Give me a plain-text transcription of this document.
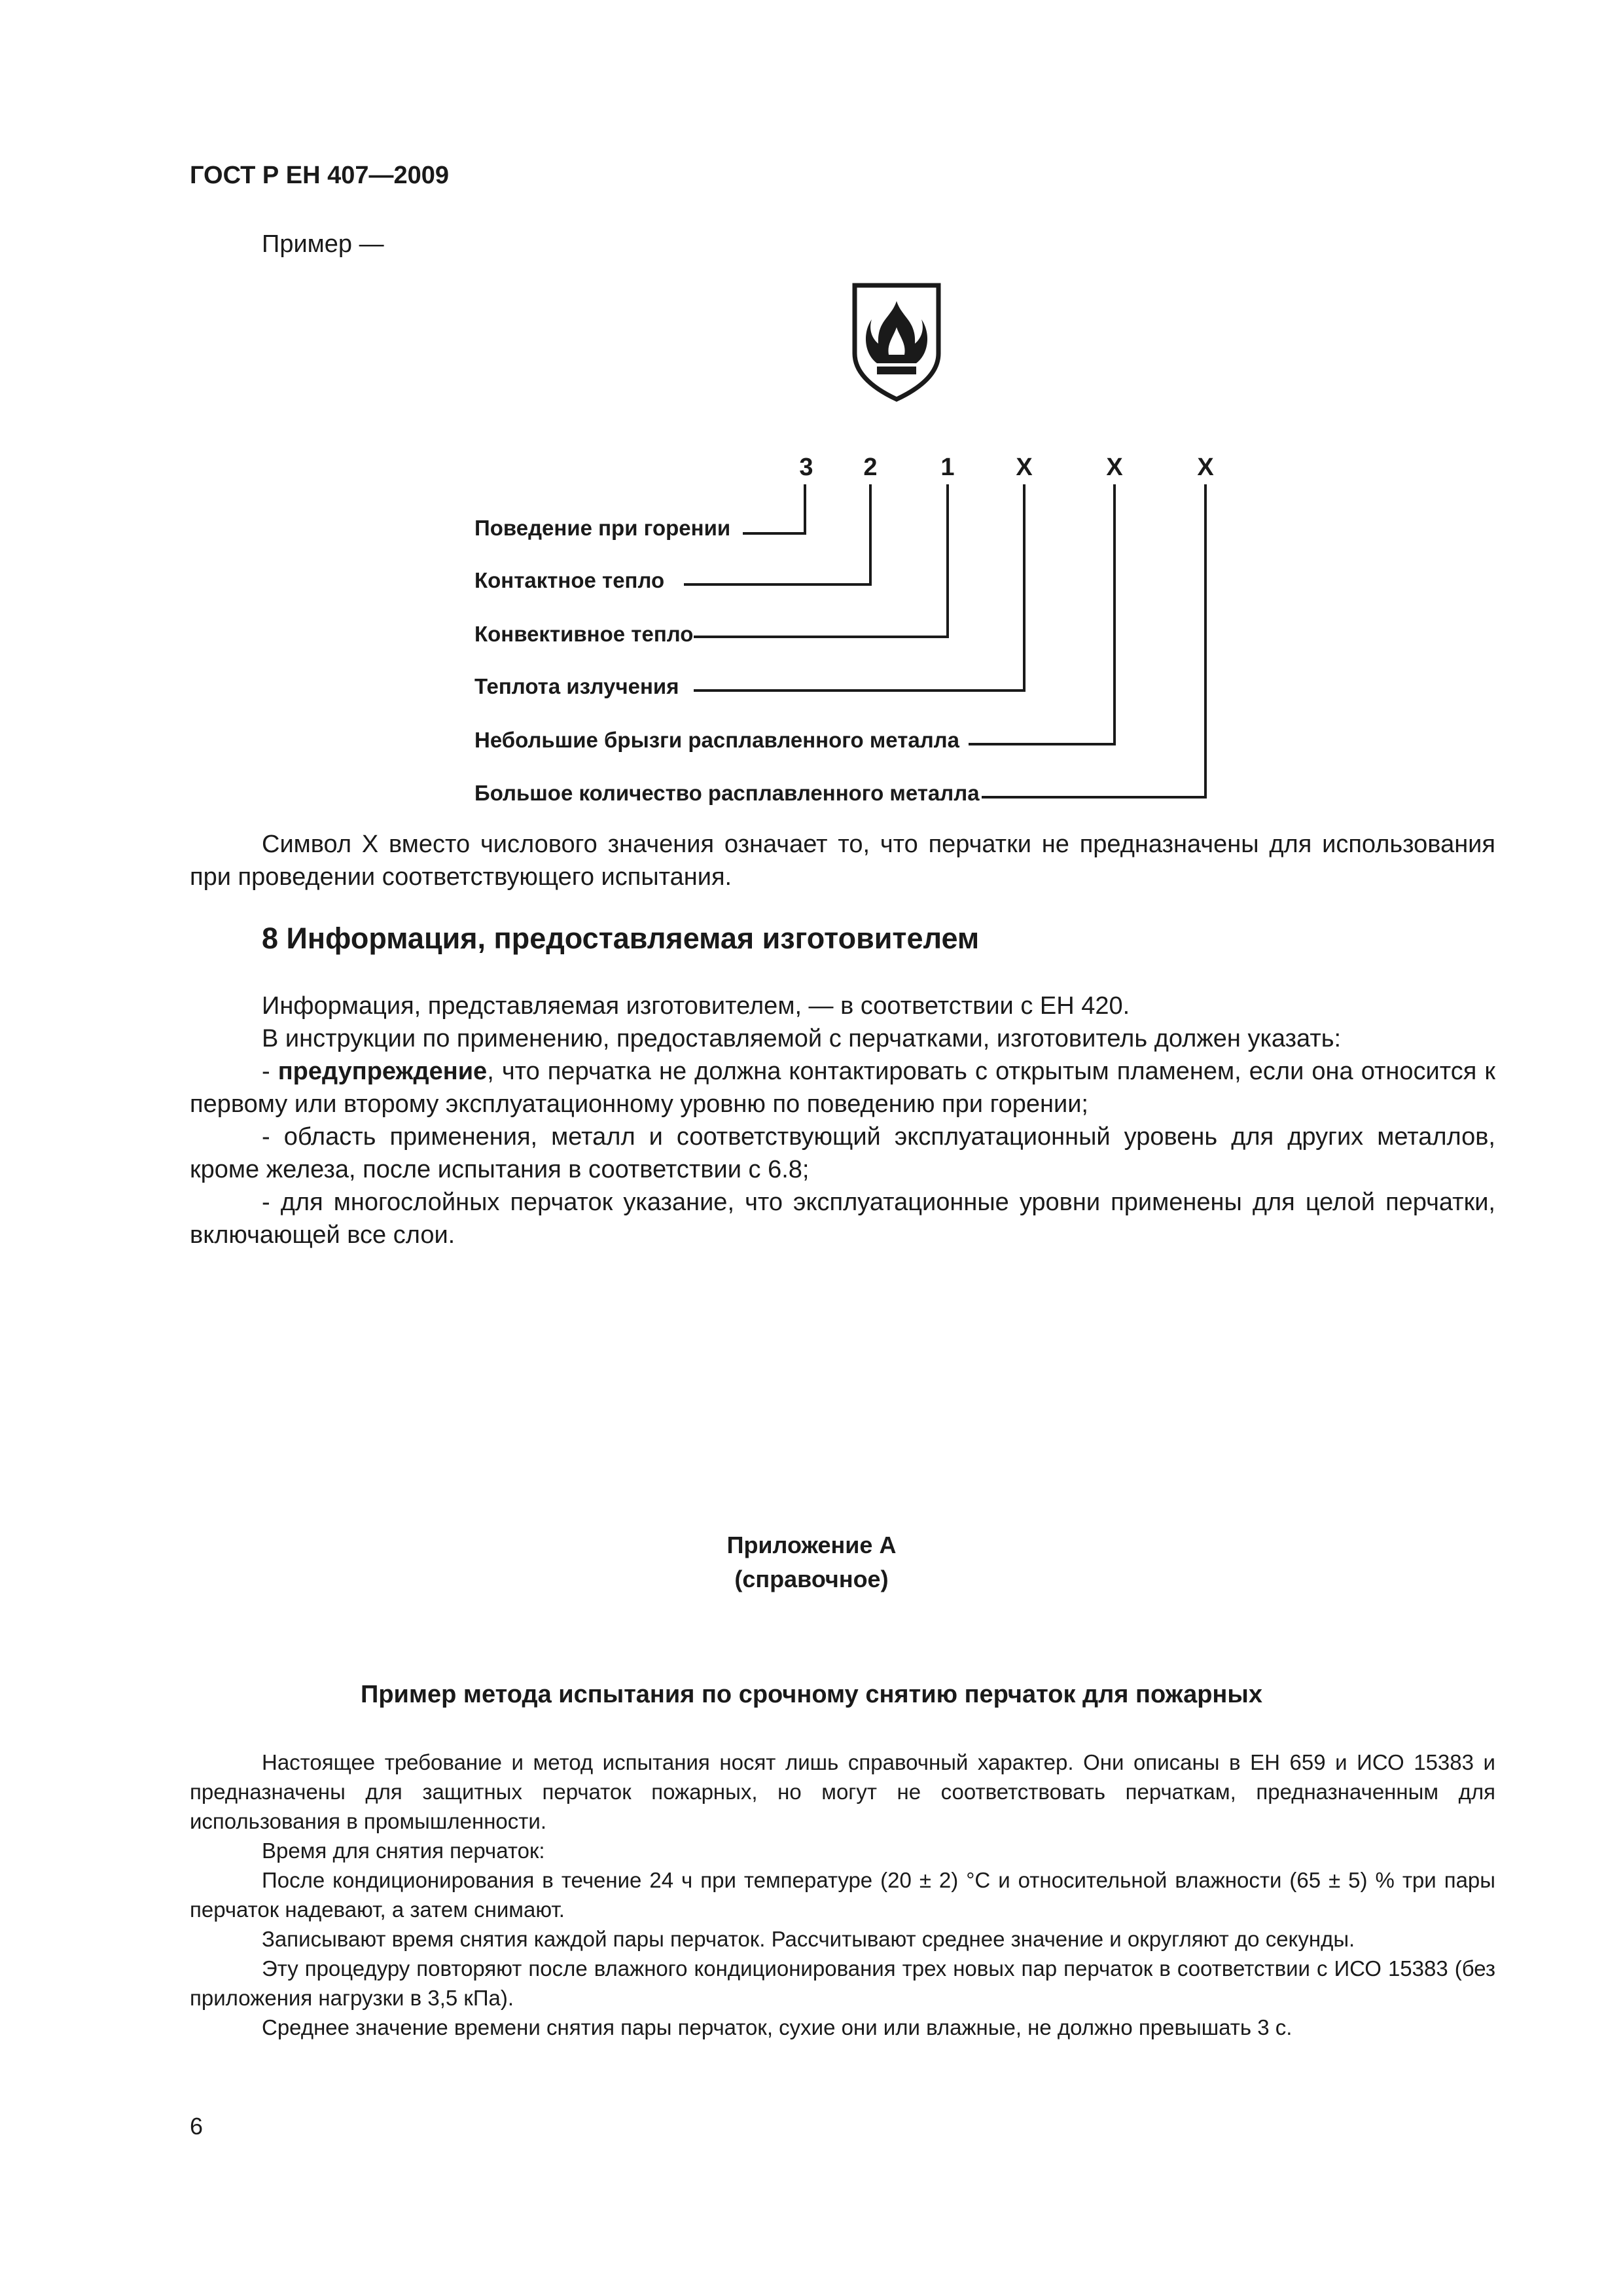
ГОСТ Р ЕН 407—2009
Пример —
3 2	1 X	X	X
Поведение при горении
Контактное тепло
Конвективное тепло
Теплота излучения
Небольшие брызги расплавленного металла
Большое количество расплавленного металла

Символ X вместо числового значения означает то, что перчатки не предназначены для использования при проведении соответствующего испытания.

8 Информация, предоставляемая изготовителем

Информация, представляемая изготовителем, — в соответствии с ЕН 420.

В инструкции по применению, предоставляемой с перчатками, изготовитель должен указать:

- предупреждение, что перчатка не должна контактировать с открытым пламенем, если она относится к первому или второму эксплуатационному уровню по поведению при горении;

- область применения, металл и соответствующий эксплуатационный уровень для других металлов, кроме железа, после испытания в соответствии с 6.8;

- для многослойных перчаток указание, что эксплуатационные уровни применены для целой перчатки, включающей все слои.

Приложение А
(справочное)
Пример метода испытания по срочному снятию перчаток для пожарных

Настоящее требование и метод испытания носят лишь справочный характер. Они описаны в ЕН 659 и ИСО 15383 и предназначены для защитных перчаток пожарных, но могут не соответствовать перчаткам, предназначенным для использования в промышленности.

Время для снятия перчаток:

После кондиционирования в течение 24 ч при температуре (20 ± 2) °С и относительной влажности (65 ± 5) % три пары перчаток надевают, а затем снимают.

Записывают время снятия каждой пары перчаток. Рассчитывают среднее значение и округляют до секунды.

Эту процедуру повторяют после влажного кондиционирования трех новых пар перчаток в соответствии с ИСО 15383 (без приложения нагрузки в 3,5 кПа).

Среднее значение времени снятия пары перчаток, сухие они или влажные, не должно превышать 3 с.

6
